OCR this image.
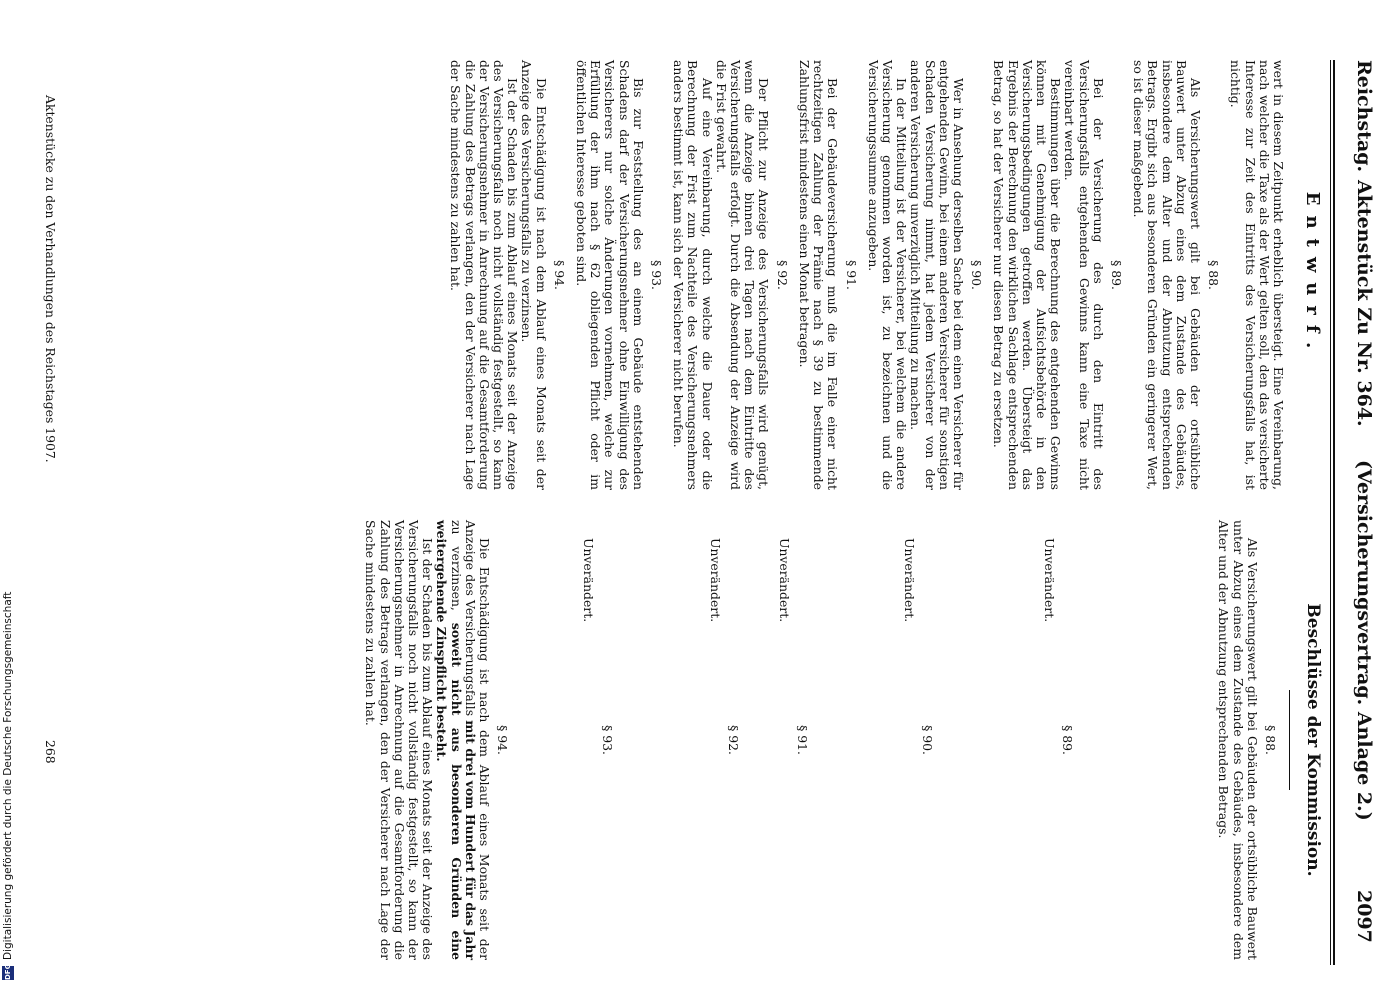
Reichstag.
Aktenstück Zu Nr. 364.
(Versicherungsvertrag. Anlage 2.)
2097
Entwurf.

wert in diesem Zeitpunkt erheblich übersteigt. Eine Vereinbarung, nach welcher die Taxe als der Wert gelten soll, den das versicherte Interesse zur Zeit des Eintritts des Versicherungsfalls hat, ist nichtig.

§ 88.

Als Versicherungswert gilt bei Gebäuden der ortsübliche Bauwert unter Abzug eines dem Zustande des Gebäudes, insbesondere dem Alter und der Abnutzung entsprechenden Betrags. Ergibt sich aus besonderen Gründen ein geringerer Wert, so ist dieser maßgebend.

§ 89.

Bei der Versicherung des durch den Eintritt des Versicherungsfalls entgehenden Gewinns kann eine Taxe nicht vereinbart werden.

Bestimmungen über die Berechnung des entgehenden Gewinns können mit Genehmigung der Aufsichtsbehörde in den Versicherungsbedingungen getroffen werden. Übersteigt das Ergebnis der Berechnung den wirklichen Sachlage entsprechenden Betrag, so hat der Versicherer nur diesen Betrag zu ersetzen.

§ 90.

Wer in Ansehung derselben Sache bei dem einen Versicherer für entgehenden Gewinn, bei einem anderen Versicherer für sonstigen Schaden Versicherung nimmt, hat jedem Versicherer von der anderen Versicherung unverzüglich Mitteilung zu machen.

In der Mitteilung ist der Versicherer, bei welchem die andere Versicherung genommen worden ist, zu bezeichnen und die Versicherungssumme anzugeben.

§ 91.

Bei der Gebäudeversicherung muß die im Falle einer nicht rechtzeitigen Zahlung der Prämie nach § 39 zu bestimmende Zahlungsfrist mindestens einen Monat betragen.

§ 92.

Der Pflicht zur Anzeige des Versicherungsfalls wird genügt, wenn die Anzeige binnen drei Tagen nach dem Eintritte des Versicherungsfalls erfolgt. Durch die Absendung der Anzeige wird die Frist gewahrt.

Auf eine Vereinbarung, durch welche die Dauer oder die Berechnung der Frist zum Nachteile des Versicherungsnehmers anders bestimmt ist, kann sich der Versicherer nicht berufen.

§ 93.

Bis zur Feststellung des an einem Gebäude entstehenden Schadens darf der Versicherungsnehmer ohne Einwilligung des Versicherers nur solche Änderungen vornehmen, welche zur Erfüllung der ihm nach § 62 obliegenden Pflicht oder im öffentlichen Interesse geboten sind.

§ 94.

Die Entschädigung ist nach dem Ablauf eines Monats seit der Anzeige des Versicherungsfalls zu verzinsen.

Ist der Schaden bis zum Ablauf eines Monats seit der Anzeige des Versicherungsfalls noch nicht vollständig festgestellt, so kann der Versicherungsnehmer in Anrechnung auf die Gesamtforderung die Zahlung des Betrags verlangen, den der Versicherer nach Lage der Sache mindestens zu zahlen hat.

Aktenstücke zu den Verhandlungen des Reichstages 1907.
Beschlüsse der Kommission.

§ 88.

Als Versicherungswert gilt bei Gebäuden der ortsübliche Bauwert unter Abzug eines dem Zustande des Gebäudes, insbesondere dem Alter und der Abnutzung entsprechenden Betrags.

§ 89.

Unverändert.

§ 90.

Unverändert.

§ 91.

Unverändert.

§ 92.

Unverändert.

§ 93.

Unverändert.

§ 94.

Die Entschädigung ist nach dem Ablauf eines Monats seit der Anzeige des Versicherungsfalls mit drei vom Hundert für das Jahr zu verzinsen, soweit nicht aus besonderen Gründen eine weitergehende Zinspflicht besteht.

Ist der Schaden bis zum Ablauf eines Monats seit der Anzeige des Versicherungsfalls noch nicht vollständig festgestellt, so kann der Versicherungsnehmer in Anrechnung auf die Gesamtforderung die Zahlung des Betrags verlangen, den der Versicherer nach Lage der Sache mindestens zu zahlen hat.

268
DFGDigitalisierung gefördert durch die Deutsche Forschungsgemeinschaft
